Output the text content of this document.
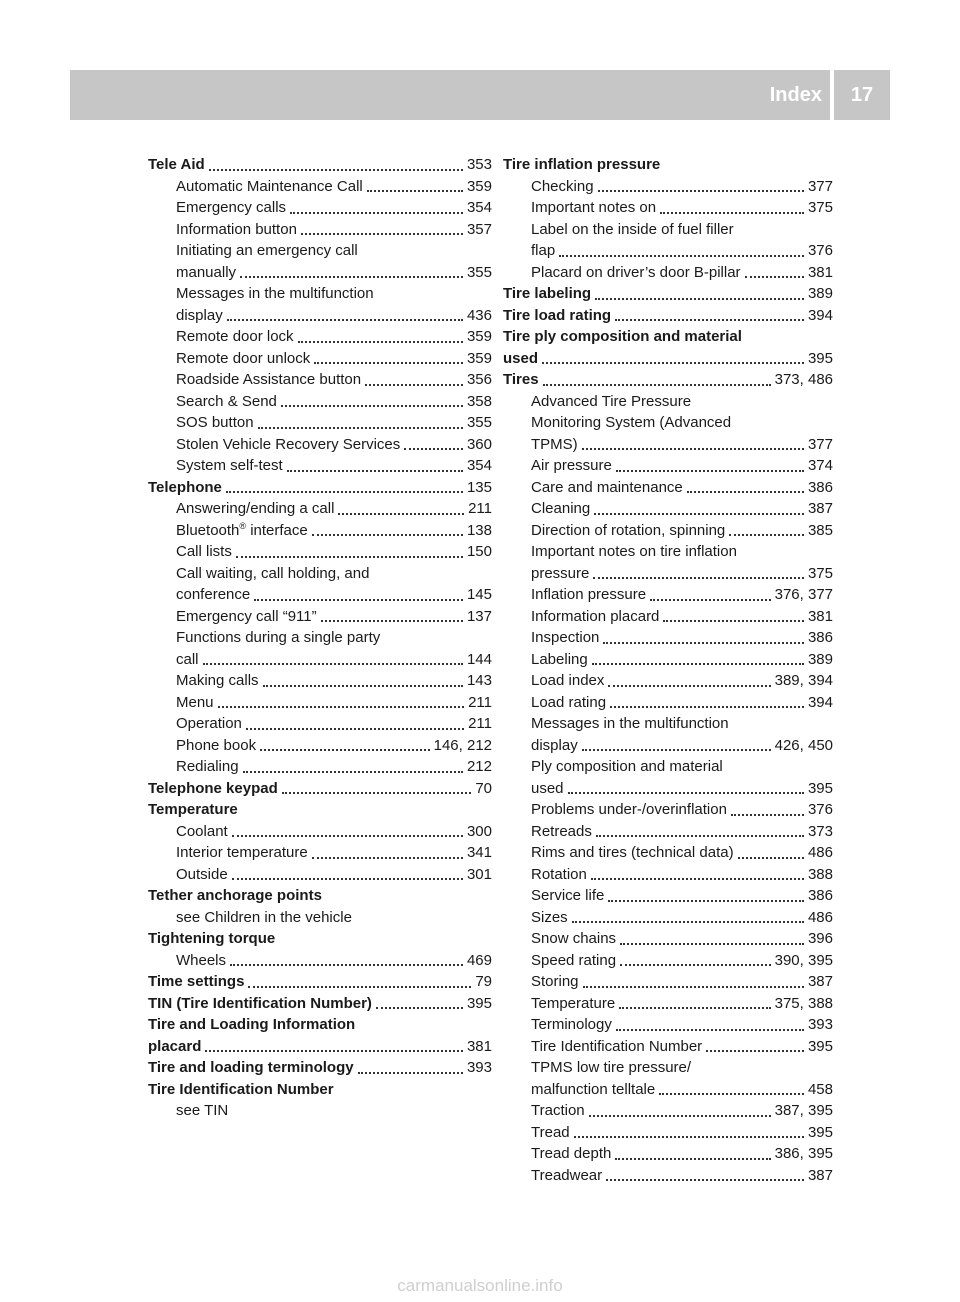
Index	17
Tele Aid	353
Automatic Maintenance Call	359
Emergency calls	354
Information button	357
Initiating an emergency call
manually	355
Messages in the multifunction
display	436
Remote door lock	359
Remote door unlock	359
Roadside Assistance button	356
Search & Send	358
SOS button	355
Stolen Vehicle Recovery Services	360
System self-test	354
Telephone	135
Answering/ending a call	211
Bluetooth® interface	138
Call lists	150
Call waiting, call holding, and
conference	145
Emergency call “911”	137
Functions during a single party
call	144
Making calls	143
Menu	211
Operation	211
Phone book	146, 212
Redialing	212
Telephone keypad	70
Temperature
Coolant	300
Interior temperature	341
Outside	301
Tether anchorage points
see Children in the vehicle
Tightening torque
Wheels	469
Time settings	79
TIN (Tire Identification Number)	395
Tire and Loading Information
placard	381
Tire and loading terminology	393
Tire Identification Number
see TIN
Tire inflation pressure
Checking	377
Important notes on	375
Label on the inside of fuel filler
flap	376
Placard on driver’s door B-pillar	381
Tire labeling	389
Tire load rating	394
Tire ply composition and material
used	395
Tires	373, 486
Advanced Tire Pressure
Monitoring System (Advanced
TPMS)	377
Air pressure	374
Care and maintenance	386
Cleaning	387
Direction of rotation, spinning	385
Important notes on tire inflation
pressure	375
Inflation pressure	376, 377
Information placard	381
Inspection	386
Labeling	389
Load index	389, 394
Load rating	394
Messages in the multifunction
display	426, 450
Ply composition and material
used	395
Problems under-/overinflation	376
Retreads	373
Rims and tires (technical data)	486
Rotation	388
Service life	386
Sizes	486
Snow chains	396
Speed rating	390, 395
Storing	387
Temperature	375, 388
Terminology	393
Tire Identification Number	395
TPMS low tire pressure/
malfunction telltale	458
Traction	387, 395
Tread	395
Tread depth	386, 395
Treadwear	387
carmanualsonline.info
